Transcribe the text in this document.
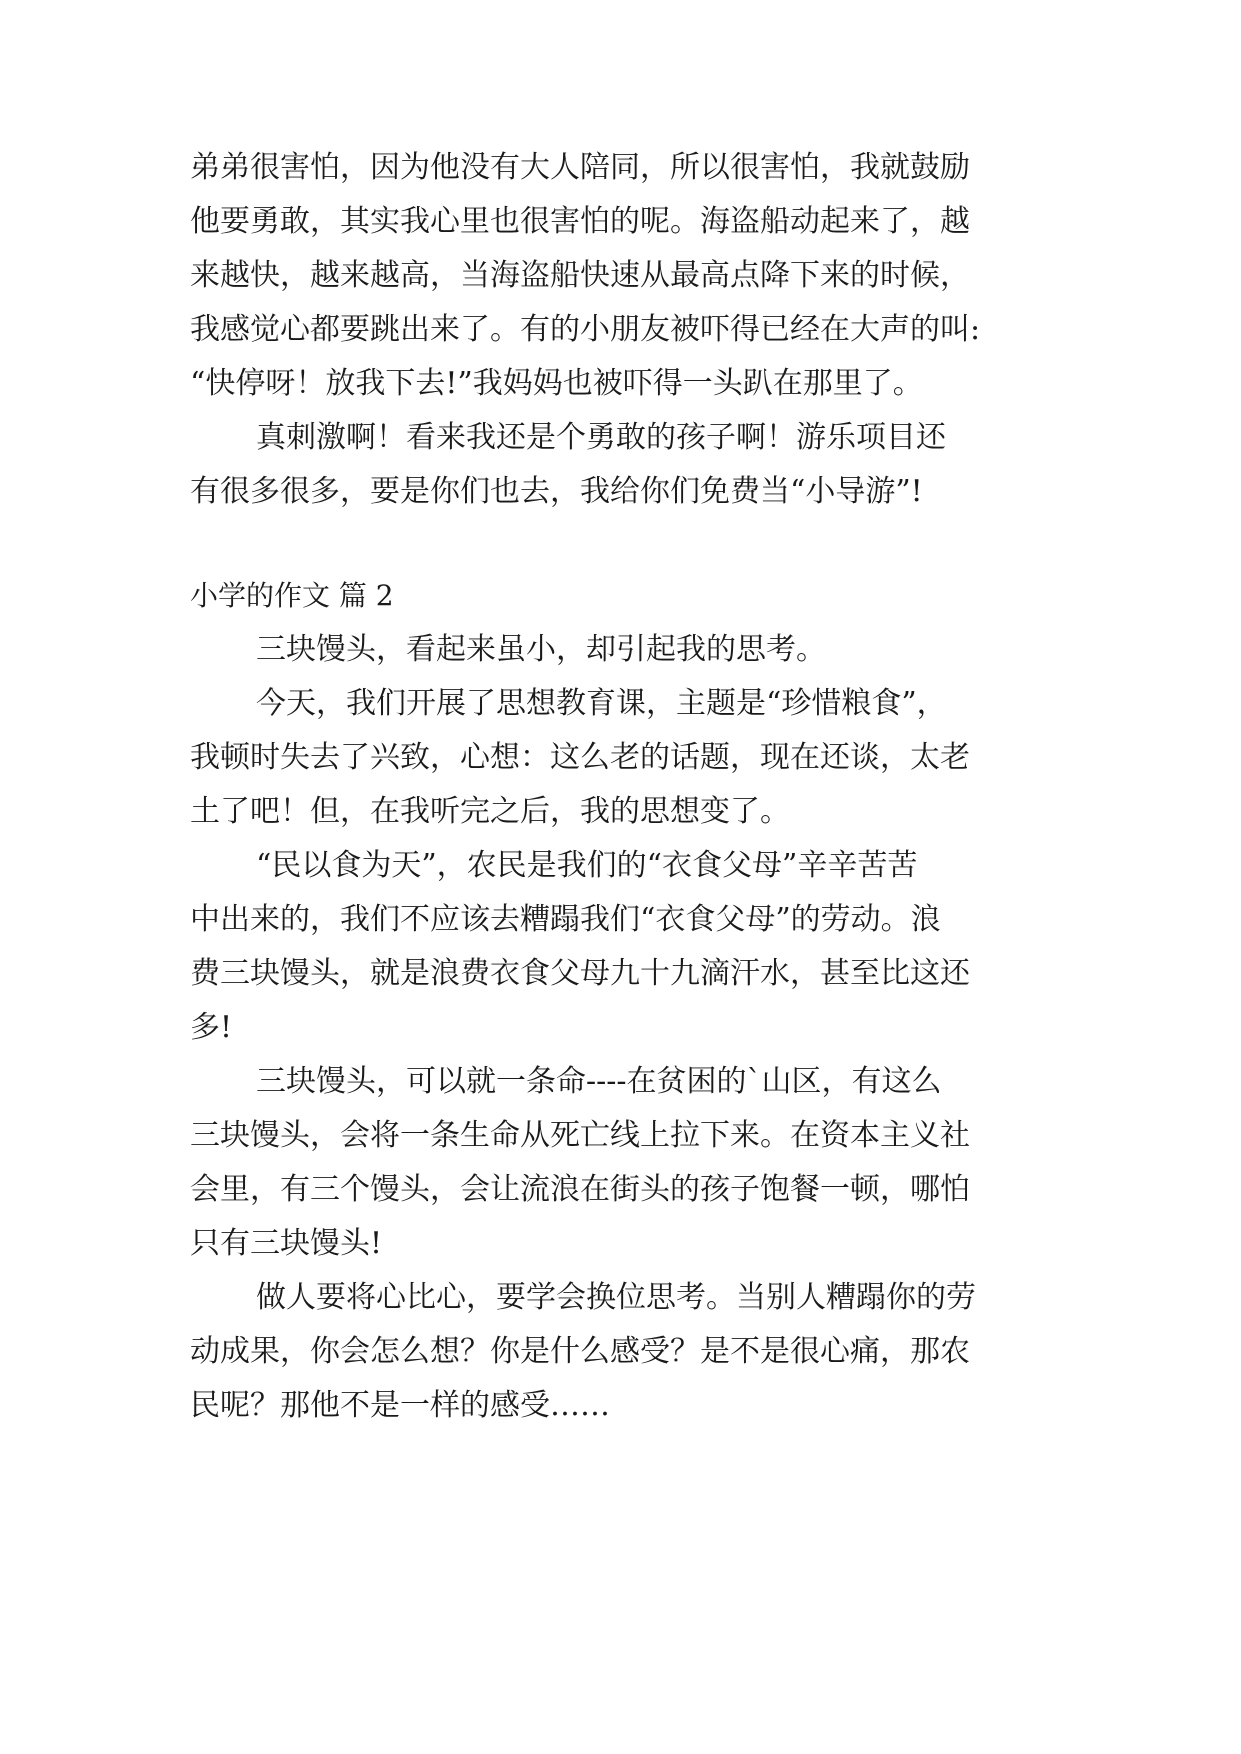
弟弟很害怕，因为他没有大人陪同，所以很害怕，我就鼓励
他要勇敢，其实我心里也很害怕的呢。海盗船动起来了，越
来越快，越来越高，当海盗船快速从最高点降下来的时候，
我感觉心都要跳出来了。有的小朋友被吓得已经在大声的叫:
“快停呀！放我下去!”我妈妈也被吓得一头趴在那里了。
真刺激啊！看来我还是个勇敢的孩子啊！游乐项目还
有很多很多，要是你们也去，我给你们免费当“小导游”!
小学的作文 篇 2
三块馒头，看起来虽小，却引起我的思考。
今天，我们开展了思想教育课，主题是“珍惜粮食”，
我顿时失去了兴致，心想：这么老的话题，现在还谈，太老
土了吧！但，在我听完之后，我的思想变了。
“民以食为天”，农民是我们的“衣食父母”辛辛苦苦
中出来的，我们不应该去糟蹋我们“衣食父母”的劳动。浪
费三块馒头，就是浪费衣食父母九十九滴汗水，甚至比这还
多!
三块馒头，可以就一条命----在贫困的`山区，有这么
三块馒头，会将一条生命从死亡线上拉下来。在资本主义社
会里，有三个馒头，会让流浪在街头的孩子饱餐一顿，哪怕
只有三块馒头!
做人要将心比心，要学会换位思考。当别人糟蹋你的劳
动成果，你会怎么想？你是什么感受？是不是很心痛，那农
民呢？那他不是一样的感受……
